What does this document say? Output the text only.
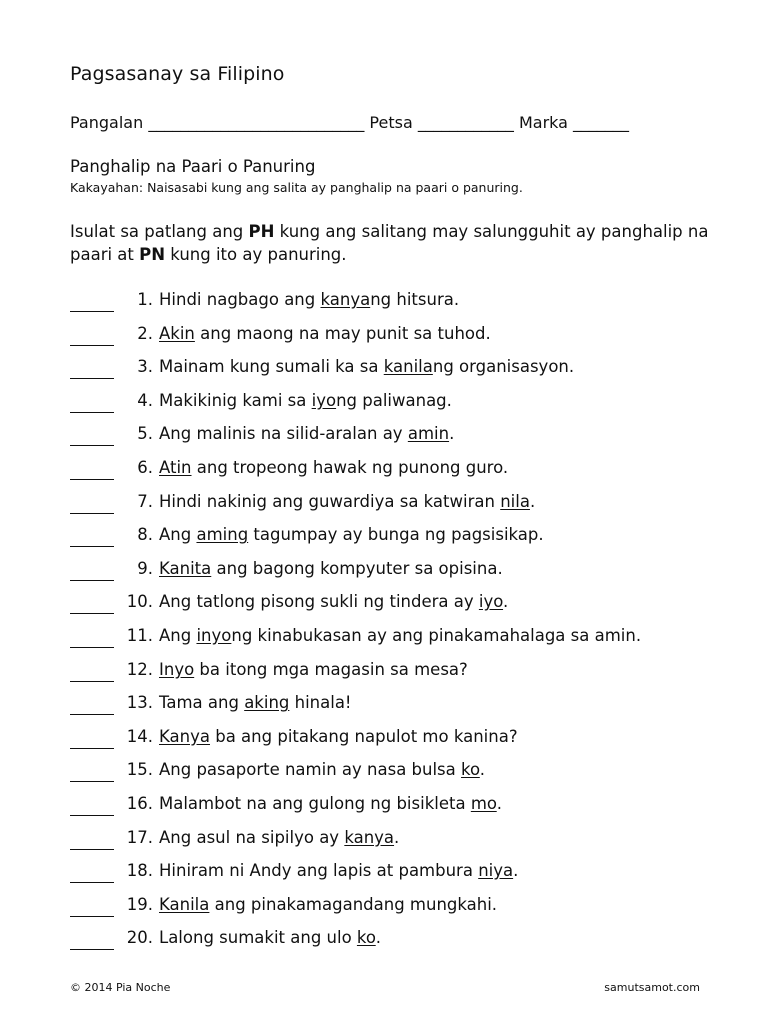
Pagsasanay sa Filipino
Pangalan ___________________________ Petsa ____________ Marka _______
Panghalip na Paari o Panuring
Kakayahan: Naisasabi kung ang salita ay panghalip na paari o panuring.
Isulat sa patlang ang PH kung ang salitang may salungguhit ay panghalip na paari at PN kung ito ay panuring.
1. Hindi nagbago ang kanyang hitsura.
2. Akin ang maong na may punit sa tuhod.
3. Mainam kung sumali ka sa kanilang organisasyon.
4. Makikinig kami sa iyong paliwanag.
5. Ang malinis na silid-aralan ay amin.
6. Atin ang tropeong hawak ng punong guro.
7. Hindi nakinig ang guwardiya sa katwiran nila.
8. Ang aming tagumpay ay bunga ng pagsisikap.
9. Kanita ang bagong kompyuter sa opisina.
10. Ang tatlong pisong sukli ng tindera ay iyo.
11. Ang inyong kinabukasan ay ang pinakamahalaga sa amin.
12. Inyo ba itong mga magasin sa mesa?
13. Tama ang aking hinala!
14. Kanya ba ang pitakang napulot mo kanina?
15. Ang pasaporte namin ay nasa bulsa ko.
16. Malambot na ang gulong ng bisikleta mo.
17. Ang asul na sipilyo ay kanya.
18. Hiniram ni Andy ang lapis at pambura niya.
19. Kanila ang pinakamagandang mungkahi.
20. Lalong sumakit ang ulo ko.
© 2014 Pia Noche	samutsamot.com
